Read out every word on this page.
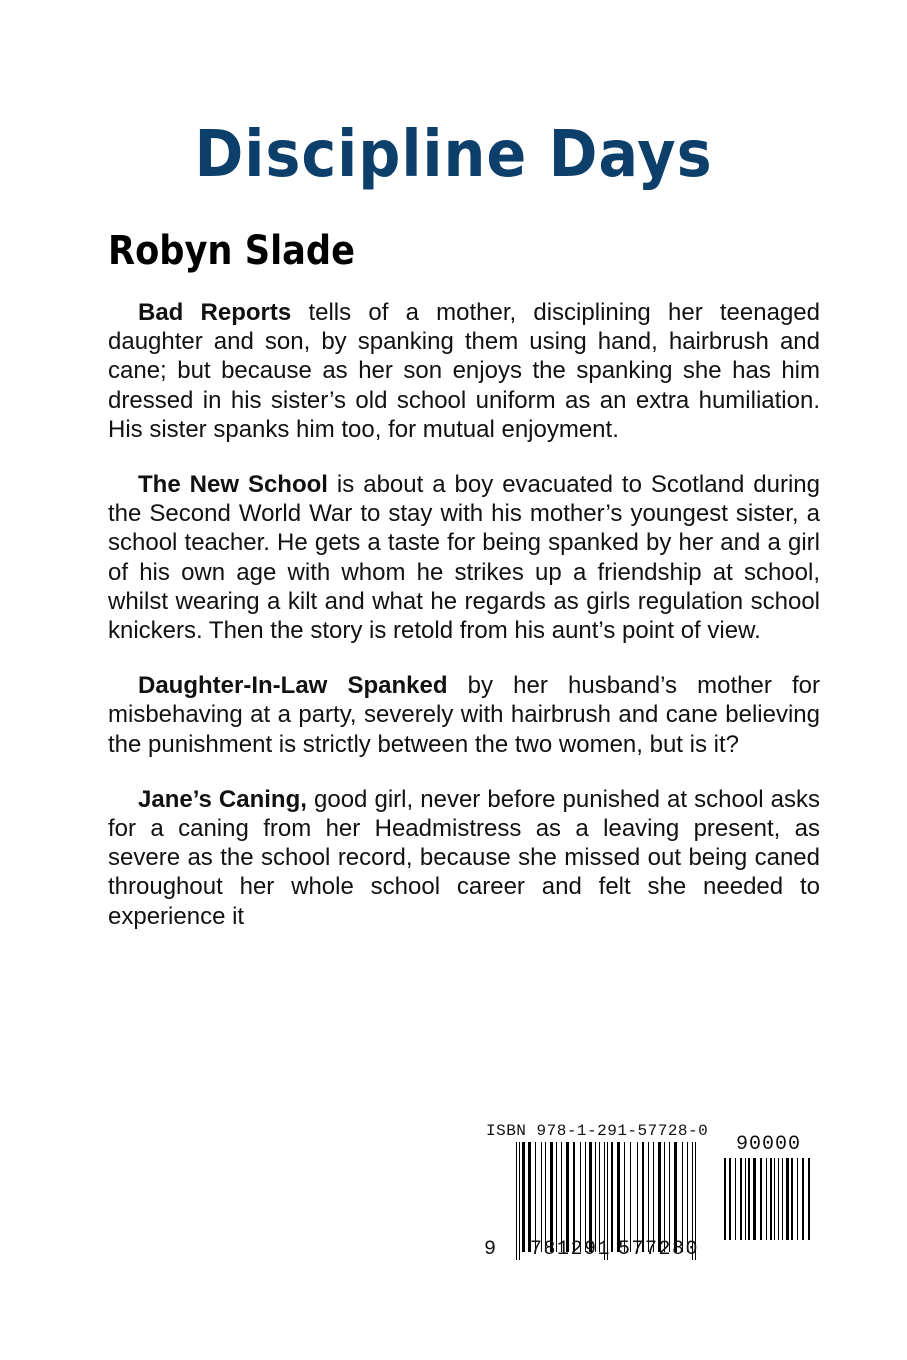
Discipline Days
Robyn Slade

Bad Reports tells of a mother, disciplining her teenaged daughter and son, by spanking them using hand, hairbrush and cane; but because as her son enjoys the spanking she has him dressed in his sister’s old school uniform as an extra humiliation. His sister spanks him too, for mutual enjoyment.

The New School is about a boy evacuated to Scotland during the Second World War to stay with his mother’s youngest sister, a school teacher. He gets a taste for being spanked by her and a girl of his own age with whom he strikes up a friendship at school, whilst wearing a kilt and what he regards as girls regulation school knickers. Then the story is retold from his aunt’s point of view.

Daughter-In-Law Spanked by her husband’s mother for misbehaving at a party, severely with hairbrush and cane believing the punishment is strictly between the two women, but is it?

Jane’s Caning, good girl, never before punished at school asks for a caning from her Headmistress as a leaving present, as severe as the school record, because she missed out being caned throughout her whole school career and felt she needed to experience it

ISBN 978-1-291-57728-0
90000
9 781291 577280
